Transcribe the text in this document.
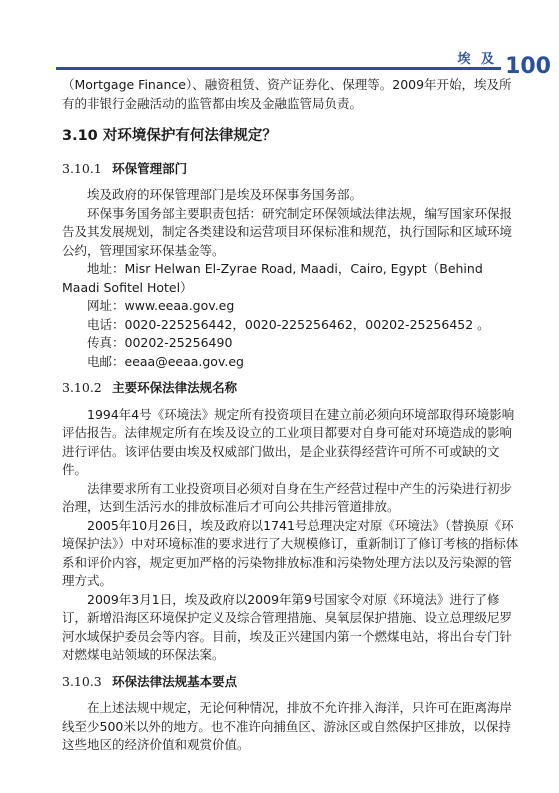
埃 及 100

（Mortgage Finance）、融资租赁、资产证券化、保理等。2009年开始，埃及所有的非银行金融活动的监管都由埃及金融监管局负责。

3.10 对环境保护有何法律规定？
3.10.1 环保管理部门

埃及政府的环保管理部门是埃及环保事务国务部。

环保事务国务部主要职责包括：研究制定环保领域法律法规，编写国家环保报告及其发展规划，制定各类建设和运营项目环保标准和规范，执行国际和区域环境公约，管理国家环保基金等。

地址：Misr Helwan El-Zyrae Road, Maadi，Cairo, Egypt（Behind Maadi Sofitel Hotel）

网址：www.eeaa.gov.eg

电话：0020-225256442，0020-225256462，00202-25256452 。

传真：00202-25256490

电邮：eeaa@eeaa.gov.eg

3.10.2 主要环保法律法规名称

1994年4号《环境法》规定所有投资项目在建立前必须向环境部取得环境影响评估报告。法律规定所有在埃及设立的工业项目都要对自身可能对环境造成的影响进行评估。该评估要由埃及权威部门做出，是企业获得经营许可所不可或缺的文件。

法律要求所有工业投资项目必须对自身在生产经营过程中产生的污染进行初步治理，达到生活污水的排放标准后才可向公共排污管道排放。

2005年10月26日，埃及政府以1741号总理决定对原《环境法》（替换原《环境保护法》）中对环境标准的要求进行了大规模修订，重新制订了修订考核的指标体系和评价内容，规定更加严格的污染物排放标准和污染物处理方法以及污染源的管理方式。

2009年3月1日，埃及政府以2009年第9号国家令对原《环境法》进行了修订，新增沿海区环境保护定义及综合管理措施、臭氧层保护措施、设立总理级尼罗河水域保护委员会等内容。目前，埃及正兴建国内第一个燃煤电站，将出台专门针对燃煤电站领域的环保法案。

3.10.3 环保法律法规基本要点

在上述法规中规定，无论何种情况，排放不允许排入海洋，只许可在距离海岸线至少500米以外的地方。也不准许向捕鱼区、游泳区或自然保护区排放，以保持这些地区的经济价值和观赏价值。
